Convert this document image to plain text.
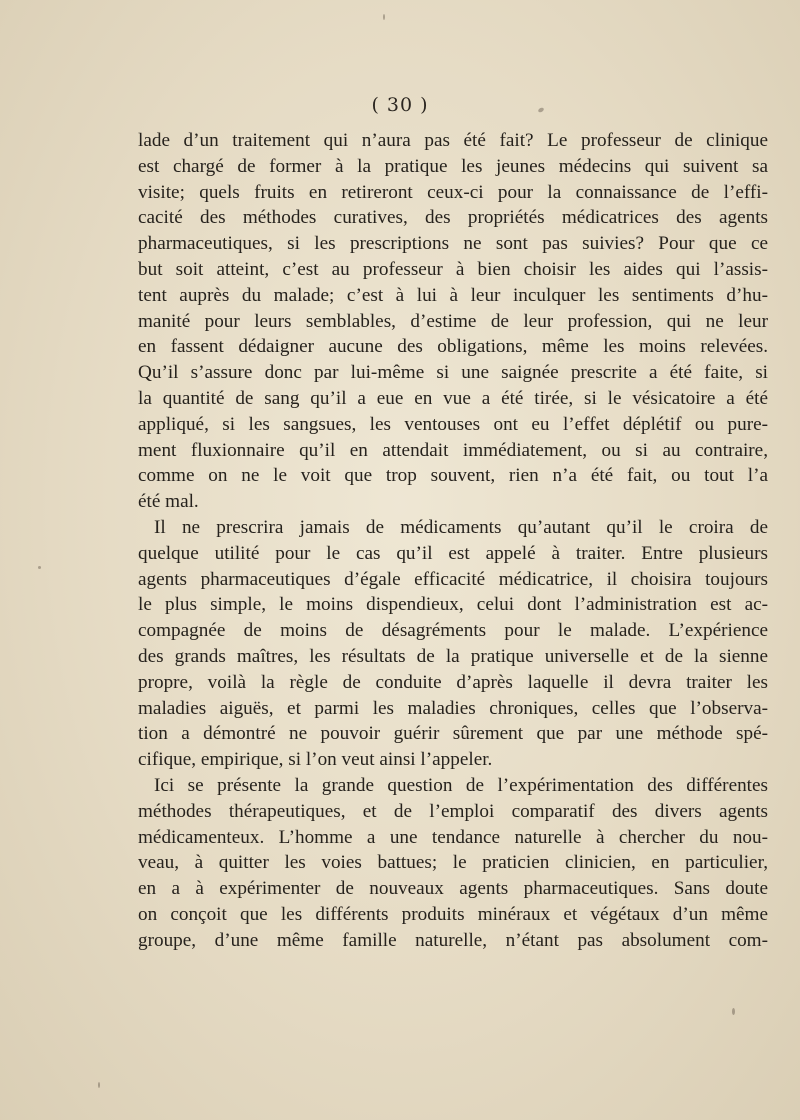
( 30 )
lade d’un traitement qui n’aura pas été fait? Le professeur de clinique
est chargé de former à la pratique les jeunes médecins qui suivent sa
visite; quels fruits en retireront ceux-ci pour la connaissance de l’effi-
cacité des méthodes curatives, des propriétés médicatrices des agents
pharmaceutiques, si les prescriptions ne sont pas suivies? Pour que ce
but soit atteint, c’est au professeur à bien choisir les aides qui l’assis-
tent auprès du malade; c’est à lui à leur inculquer les sentiments d’hu-
manité pour leurs semblables, d’estime de leur profession, qui ne leur
en fassent dédaigner aucune des obligations, même les moins relevées.
Qu’il s’assure donc par lui-même si une saignée prescrite a été faite, si
la quantité de sang qu’il a eue en vue a été tirée, si le vésicatoire a été
appliqué, si les sangsues, les ventouses ont eu l’effet déplétif ou pure-
ment fluxionnaire qu’il en attendait immédiatement, ou si au contraire,
comme on ne le voit que trop souvent, rien n’a été fait, ou tout l’a
été mal.
Il ne prescrira jamais de médicaments qu’autant qu’il le croira de
quelque utilité pour le cas qu’il est appelé à traiter. Entre plusieurs
agents pharmaceutiques d’égale efficacité médicatrice, il choisira toujours
le plus simple, le moins dispendieux, celui dont l’administration est ac-
compagnée de moins de désagréments pour le malade. L’expérience
des grands maîtres, les résultats de la pratique universelle et de la sienne
propre, voilà la règle de conduite d’après laquelle il devra traiter les
maladies aiguës, et parmi les maladies chroniques, celles que l’observa-
tion a démontré ne pouvoir guérir sûrement que par une méthode spé-
cifique, empirique, si l’on veut ainsi l’appeler.
Ici se présente la grande question de l’expérimentation des différentes
méthodes thérapeutiques, et de l’emploi comparatif des divers agents
médicamenteux. L’homme a une tendance naturelle à chercher du nou-
veau, à quitter les voies battues; le praticien clinicien, en particulier,
en a à expérimenter de nouveaux agents pharmaceutiques. Sans doute
on conçoit que les différents produits minéraux et végétaux d’un même
groupe, d’une même famille naturelle, n’étant pas absolument com-
